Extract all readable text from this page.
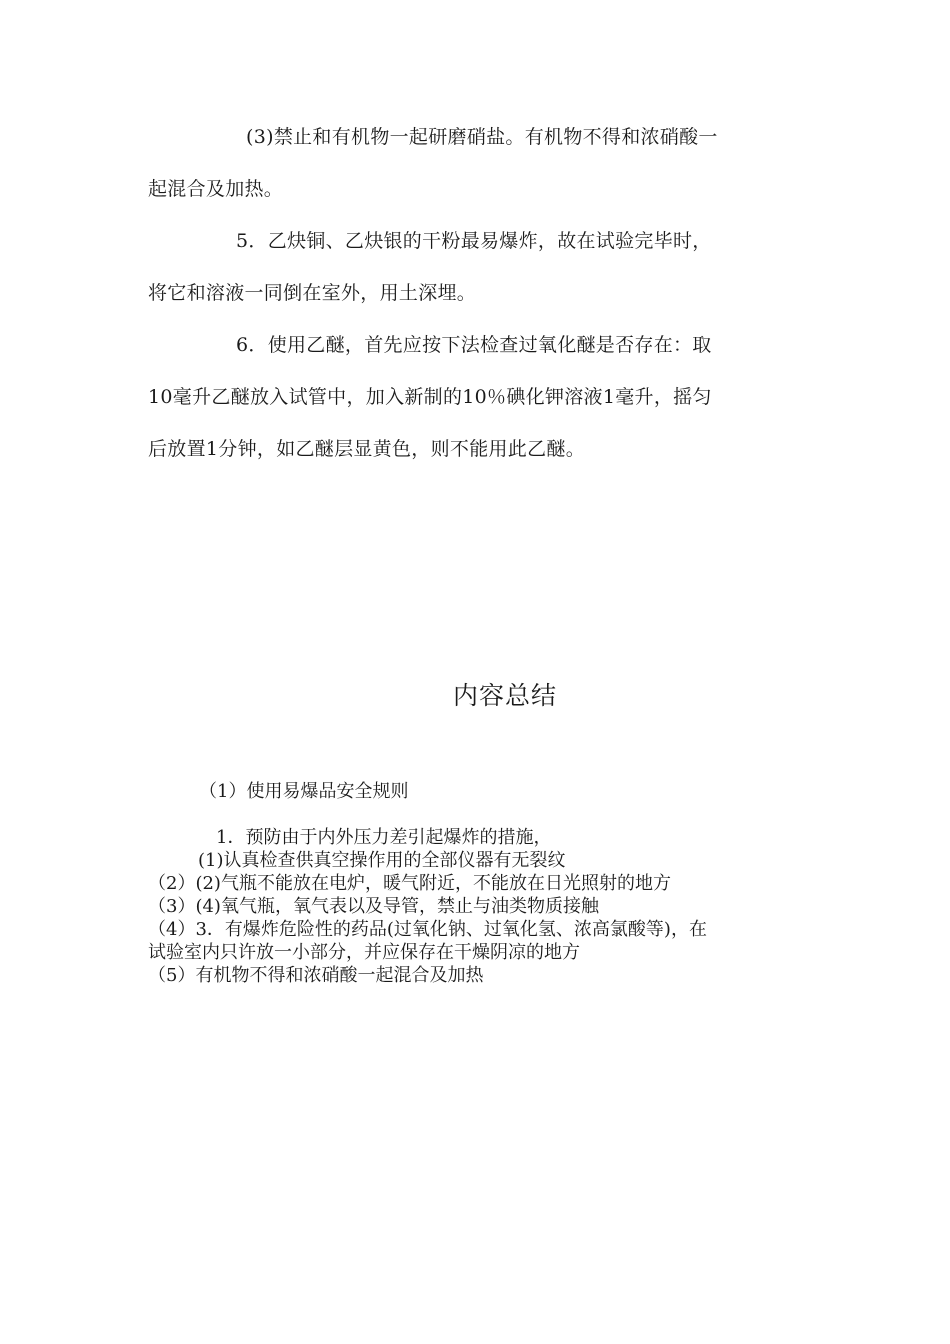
(3)禁止和有机物一起研磨硝盐。有机物不得和浓硝酸一
起混合及加热。
5．乙炔铜、乙炔银的干粉最易爆炸，故在试验完毕时，
将它和溶液一同倒在室外，用土深埋。
6．使用乙醚，首先应按下法检查过氧化醚是否存在：取
10毫升乙醚放入试管中，加入新制的10％碘化钾溶液1毫升，摇匀
后放置1分钟，如乙醚层显黄色，则不能用此乙醚。
内容总结
（1）使用易爆品安全规则
1．预防由于内外压力差引起爆炸的措施，
(1)认真检查供真空操作用的全部仪器有无裂纹
（2）(2)气瓶不能放在电炉，暖气附近，不能放在日光照射的地方
（3）(4)氧气瓶，氧气表以及导管，禁止与油类物质接触
（4）3．有爆炸危险性的药品(过氧化钠、过氧化氢、浓高氯酸等)，在
试验室内只许放一小部分，并应保存在干燥阴凉的地方
（5）有机物不得和浓硝酸一起混合及加热
